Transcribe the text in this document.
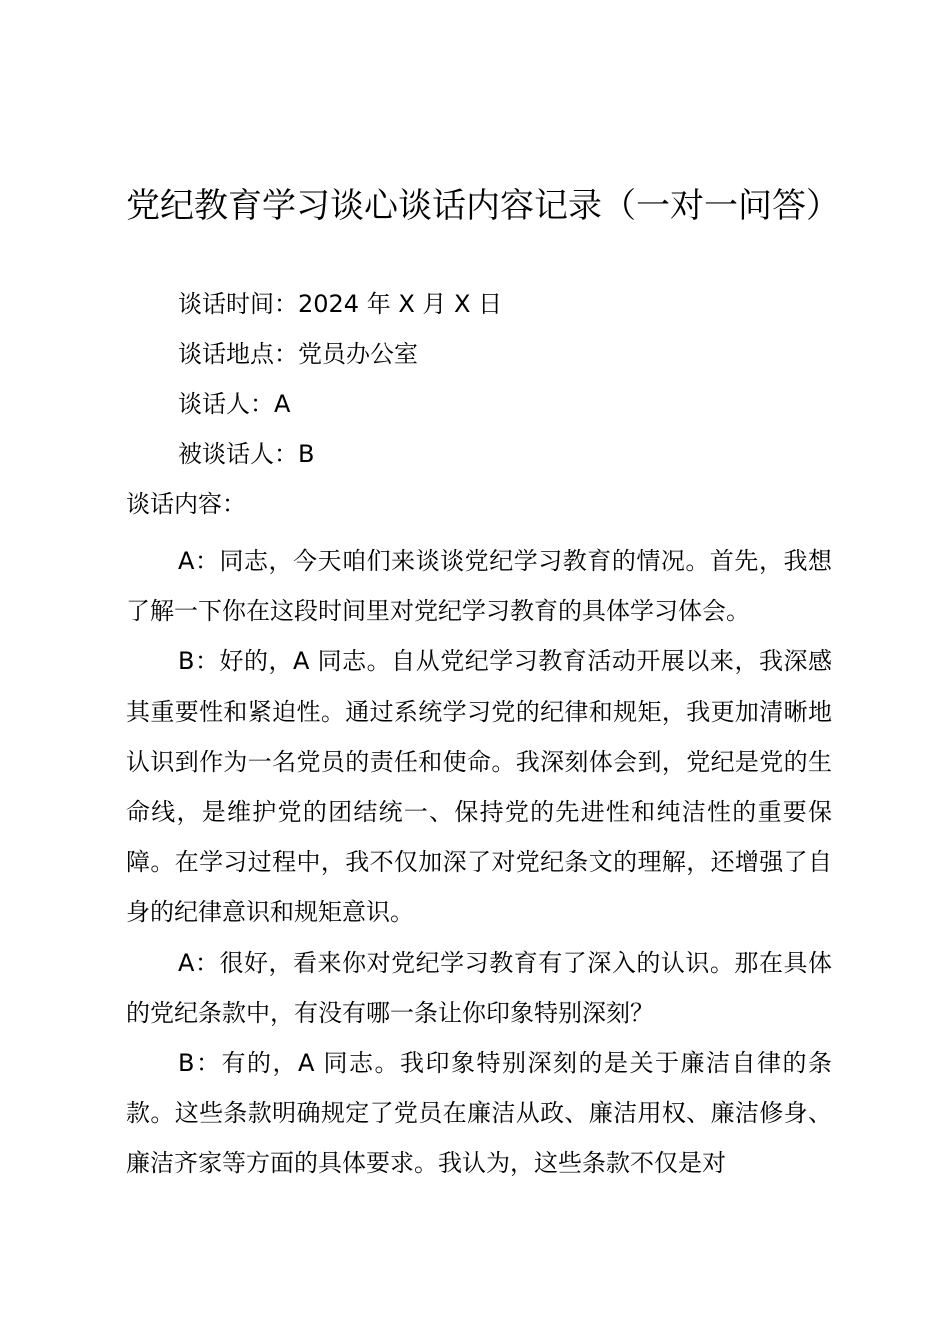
党纪教育学习谈心谈话内容记录（一对一问答）

谈话时间：2024 年 X 月 X 日

谈话地点：党员办公室

谈话人：A

被谈话人：B

谈话内容：

A：同志，今天咱们来谈谈党纪学习教育的情况。首先，我想了解一下你在这段时间里对党纪学习教育的具体学习体会。

B：好的，A 同志。自从党纪学习教育活动开展以来，我深感其重要性和紧迫性。通过系统学习党的纪律和规矩，我更加清晰地认识到作为一名党员的责任和使命。我深刻体会到，党纪是党的生命线，是维护党的团结统一、保持党的先进性和纯洁性的重要保障。在学习过程中，我不仅加深了对党纪条文的理解，还增强了自身的纪律意识和规矩意识。

A：很好，看来你对党纪学习教育有了深入的认识。那在具体的党纪条款中，有没有哪一条让你印象特别深刻？

B：有的，A 同志。我印象特别深刻的是关于廉洁自律的条款。这些条款明确规定了党员在廉洁从政、廉洁用权、廉洁修身、廉洁齐家等方面的具体要求。我认为，这些条款不仅是对
